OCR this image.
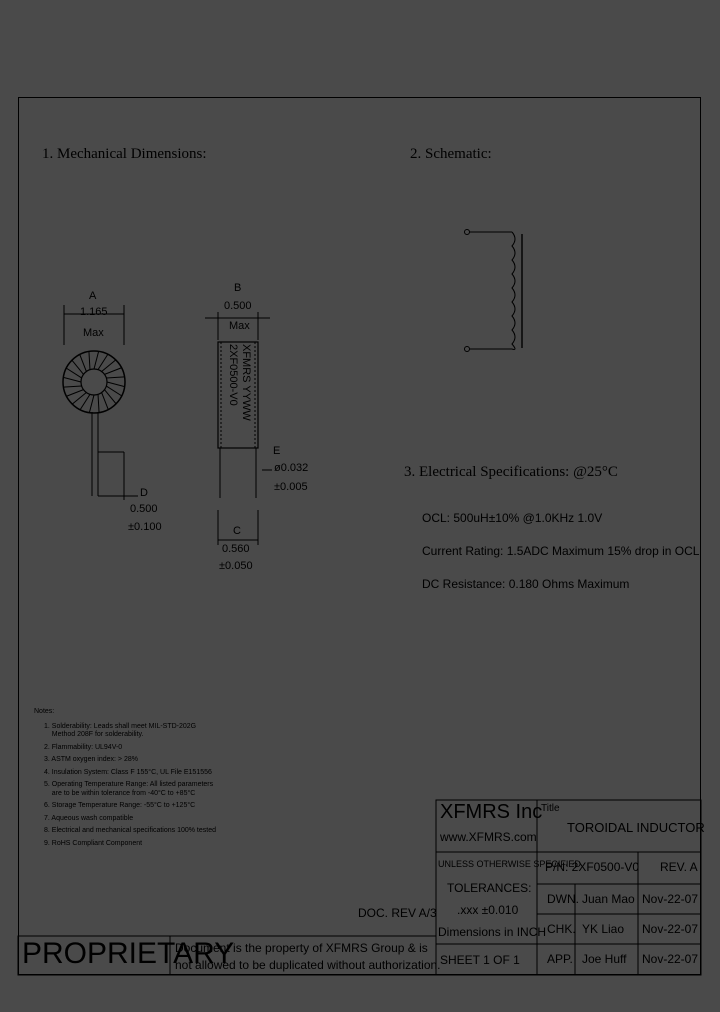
1. Mechanical Dimensions:	2. Schematic:
3. Electrical Specifications: @25°C
XFMRS YYWW
2XF0500-V0
A
1.165
Max
B
0.500
Max
D
0.500
±0.100
E
ø0.032
±0.005
C
0.560
±0.050
OCL: 500uH±10% @1.0KHz 1.0V
Current Rating: 1.5ADC Maximum 15% drop in OCL
DC Resistance: 0.180 Ohms Maximum
Notes:
1. Solderability: Leads shall meet MIL-STD-202G
Method 208F for solderability.
2. Flammability: UL94V-0
3. ASTM oxygen index: > 28%
4. Insulation System: Class F 155°C, UL File E151556
5. Operating Temperature Range: All listed parameters
are to be within tolerance from -40°C to +85°C
6. Storage Temperature Range: -55°C to +125°C
7. Aqueous wash compatible
8. Electrical and mechanical specifications 100% tested
9. RoHS Compliant Component
DOC. REV A/3
PROPRIETARY
Document is the property of XFMRS Group & is
not allowed to be duplicated without authorization.
XFMRS Inc
www.XFMRS.com
Title
TOROIDAL INDUCTOR
UNLESS OTHERWISE SPECIFIED
TOLERANCES:
.xxx ±0.010
Dimensions in INCH
SHEET 1 OF 1
P/N: 2XF0500-V0 REV. A
DWN. Juan Mao Nov-22-07
CHK. YK Liao Nov-22-07
APP. Joe Huff Nov-22-07
